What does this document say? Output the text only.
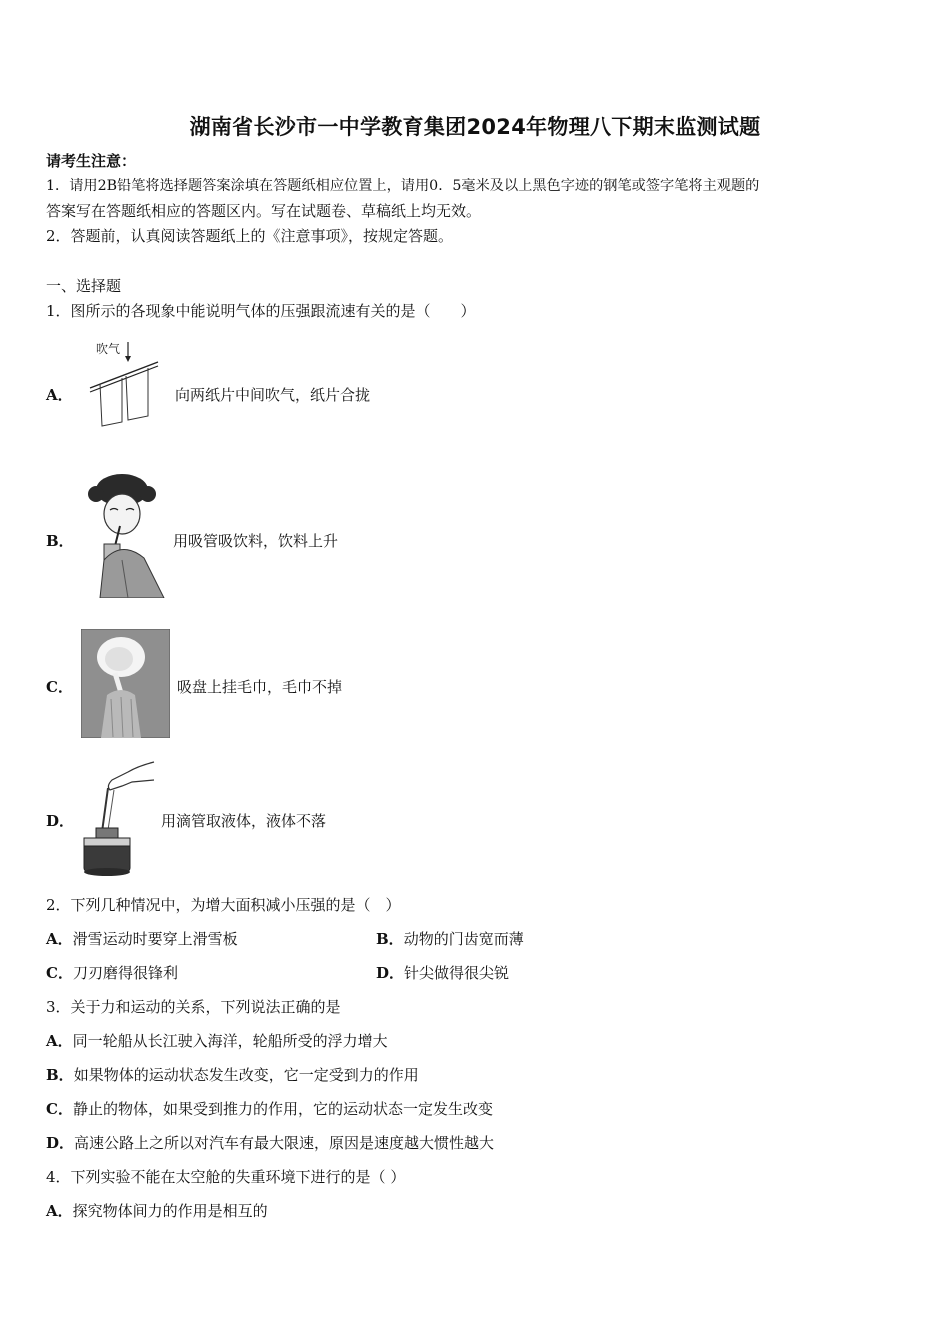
湖南省长沙市一中学教育集团2024年物理八下期末监测试题
请考生注意：
1．请用2B铅笔将选择题答案涂填在答题纸相应位置上，请用0．5毫米及以上黑色字迹的钢笔或签字笔将主观题的
答案写在答题纸相应的答题区内。写在试题卷、草稿纸上均无效。
2．答题前，认真阅读答题纸上的《注意事项》，按规定答题。
一、选择题
1．图所示的各现象中能说明气体的压强跟流速有关的是（　　）
A．
吹气
向两纸片中间吹气，纸片合拢
B．	用吸管吸饮料，饮料上升
C．	吸盘上挂毛巾，毛巾不掉
D．	用滴管取液体，液体不落
2．下列几种情况中，为增大面积减小压强的是（　）
A．滑雪运动时要穿上滑雪板	B．动物的门齿宽而薄
C．刀刃磨得很锋利	D．针尖做得很尖锐
3．关于力和运动的关系，下列说法正确的是
A．同一轮船从长江驶入海洋，轮船所受的浮力增大
B．如果物体的运动状态发生改变，它一定受到力的作用
C．静止的物体，如果受到推力的作用，它的运动状态一定发生改变
D．高速公路上之所以对汽车有最大限速，原因是速度越大惯性越大
4．下列实验不能在太空舱的失重环境下进行的是（ ）
A．探究物体间力的作用是相互的
